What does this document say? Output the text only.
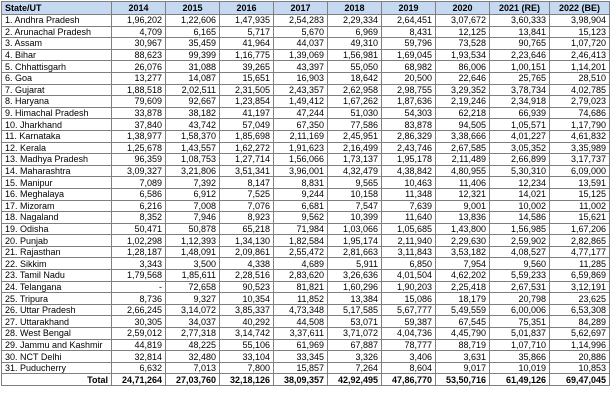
State/UT	2014	2015	2016	2017	2018	2019	2020	2021 (RE)	2022 (BE)
1. Andhra Pradesh	1,96,202	1,22,606	1,47,935	2,54,283	2,29,334	2,64,451	3,07,672	3,60,333	3,98,904
2. Arunachal Pradesh	4,709	6,165	5,717	5,670	6,969	8,431	12,125	13,841	15,123
3. Assam	30,967	35,459	41,964	44,037	49,310	59,796	73,528	90,765	1,07,720
4. Bihar	88,623	99,399	1,16,775	1,39,069	1,56,981	1,69,045	1,93,534	2,23,646	2,46,413
5. Chhattisgarh	26,076	31,088	39,265	43,397	55,050	68,982	86,006	1,00,151	1,14,201
6. Goa	13,277	14,087	15,651	16,903	18,642	20,500	22,646	25,765	28,510
7. Gujarat	1,88,518	2,02,511	2,31,505	2,43,357	2,62,958	2,98,755	3,29,352	3,78,734	4,02,785
8. Haryana	79,609	92,667	1,23,854	1,49,412	1,67,262	1,87,636	2,19,246	2,34,918	2,79,023
9. Himachal Pradesh	33,878	38,182	41,197	47,244	51,030	54,303	62,218	66,939	74,686
10. Jharkhand	37,840	43,742	57,049	67,350	77,586	83,878	94,505	1,05,571	1,17,790
11. Karnataka	1,38,977	1,58,370	1,85,698	2,11,169	2,45,951	2,86,329	3,38,666	4,01,227	4,61,832
12. Kerala	1,25,678	1,43,557	1,62,272	1,91,623	2,16,499	2,43,746	2,67,585	3,05,352	3,35,989
13. Madhya Pradesh	96,359	1,08,753	1,27,714	1,56,066	1,73,137	1,95,178	2,11,489	2,66,899	3,17,737
14. Maharashtra	3,09,327	3,21,806	3,51,341	3,96,001	4,32,479	4,38,842	4,80,955	5,30,310	6,09,000
15. Manipur	7,089	7,392	8,147	8,831	9,565	10,463	11,406	12,234	13,591
16. Meghalaya	6,586	6,912	7,525	9,244	10,158	11,348	12,321	14,021	15,125
17. Mizoram	6,216	7,008	7,076	6,681	7,547	7,639	9,001	10,002	11,002
18. Nagaland	8,352	7,946	8,923	9,562	10,399	11,640	13,836	14,586	15,621
19. Odisha	50,471	50,878	65,218	71,984	1,03,066	1,05,685	1,43,800	1,56,985	1,67,206
20. Punjab	1,02,298	1,12,393	1,34,130	1,82,584	1,95,174	2,11,940	2,29,630	2,59,902	2,82,865
21. Rajasthan	1,28,187	1,48,091	2,09,861	2,55,472	2,81,663	3,11,843	3,53,182	4,08,527	4,77,177
22. Sikkim	3,343	3,500	4,338	4,689	5,911	6,850	7,954	9,560	11,285
23. Tamil Nadu	1,79,568	1,85,611	2,28,516	2,83,620	3,26,636	4,01,504	4,62,202	5,59,233	6,59,869
24. Telangana	-	72,658	90,523	81,821	1,60,296	1,90,203	2,25,418	2,67,531	3,12,191
25. Tripura	8,736	9,327	10,354	11,852	13,384	15,086	18,179	20,798	23,625
26. Uttar Pradesh	2,66,245	3,14,072	3,85,337	4,73,348	5,17,585	5,67,777	5,49,559	6,00,006	6,53,308
27. Uttarakhand	30,305	34,037	40,292	44,508	53,071	59,387	67,545	75,351	84,289
28. West Bengal	2,59,012	2,77,318	3,14,742	3,37,611	3,71,072	4,04,736	4,45,790	5,01,837	5,62,697
29. Jammu and Kashmir	44,819	48,225	55,106	61,969	67,887	78,777	88,719	1,07,710	1,14,996
30. NCT Delhi	32,814	32,480	33,104	33,345	3,326	3,406	3,631	35,866	20,886
31. Puducherry	6,632	7,013	7,800	15,857	7,264	8,604	9,017	10,019	10,853
Total	24,71,264	27,03,760	32,18,126	38,09,357	42,92,495	47,86,770	53,50,716	61,49,126	69,47,045
